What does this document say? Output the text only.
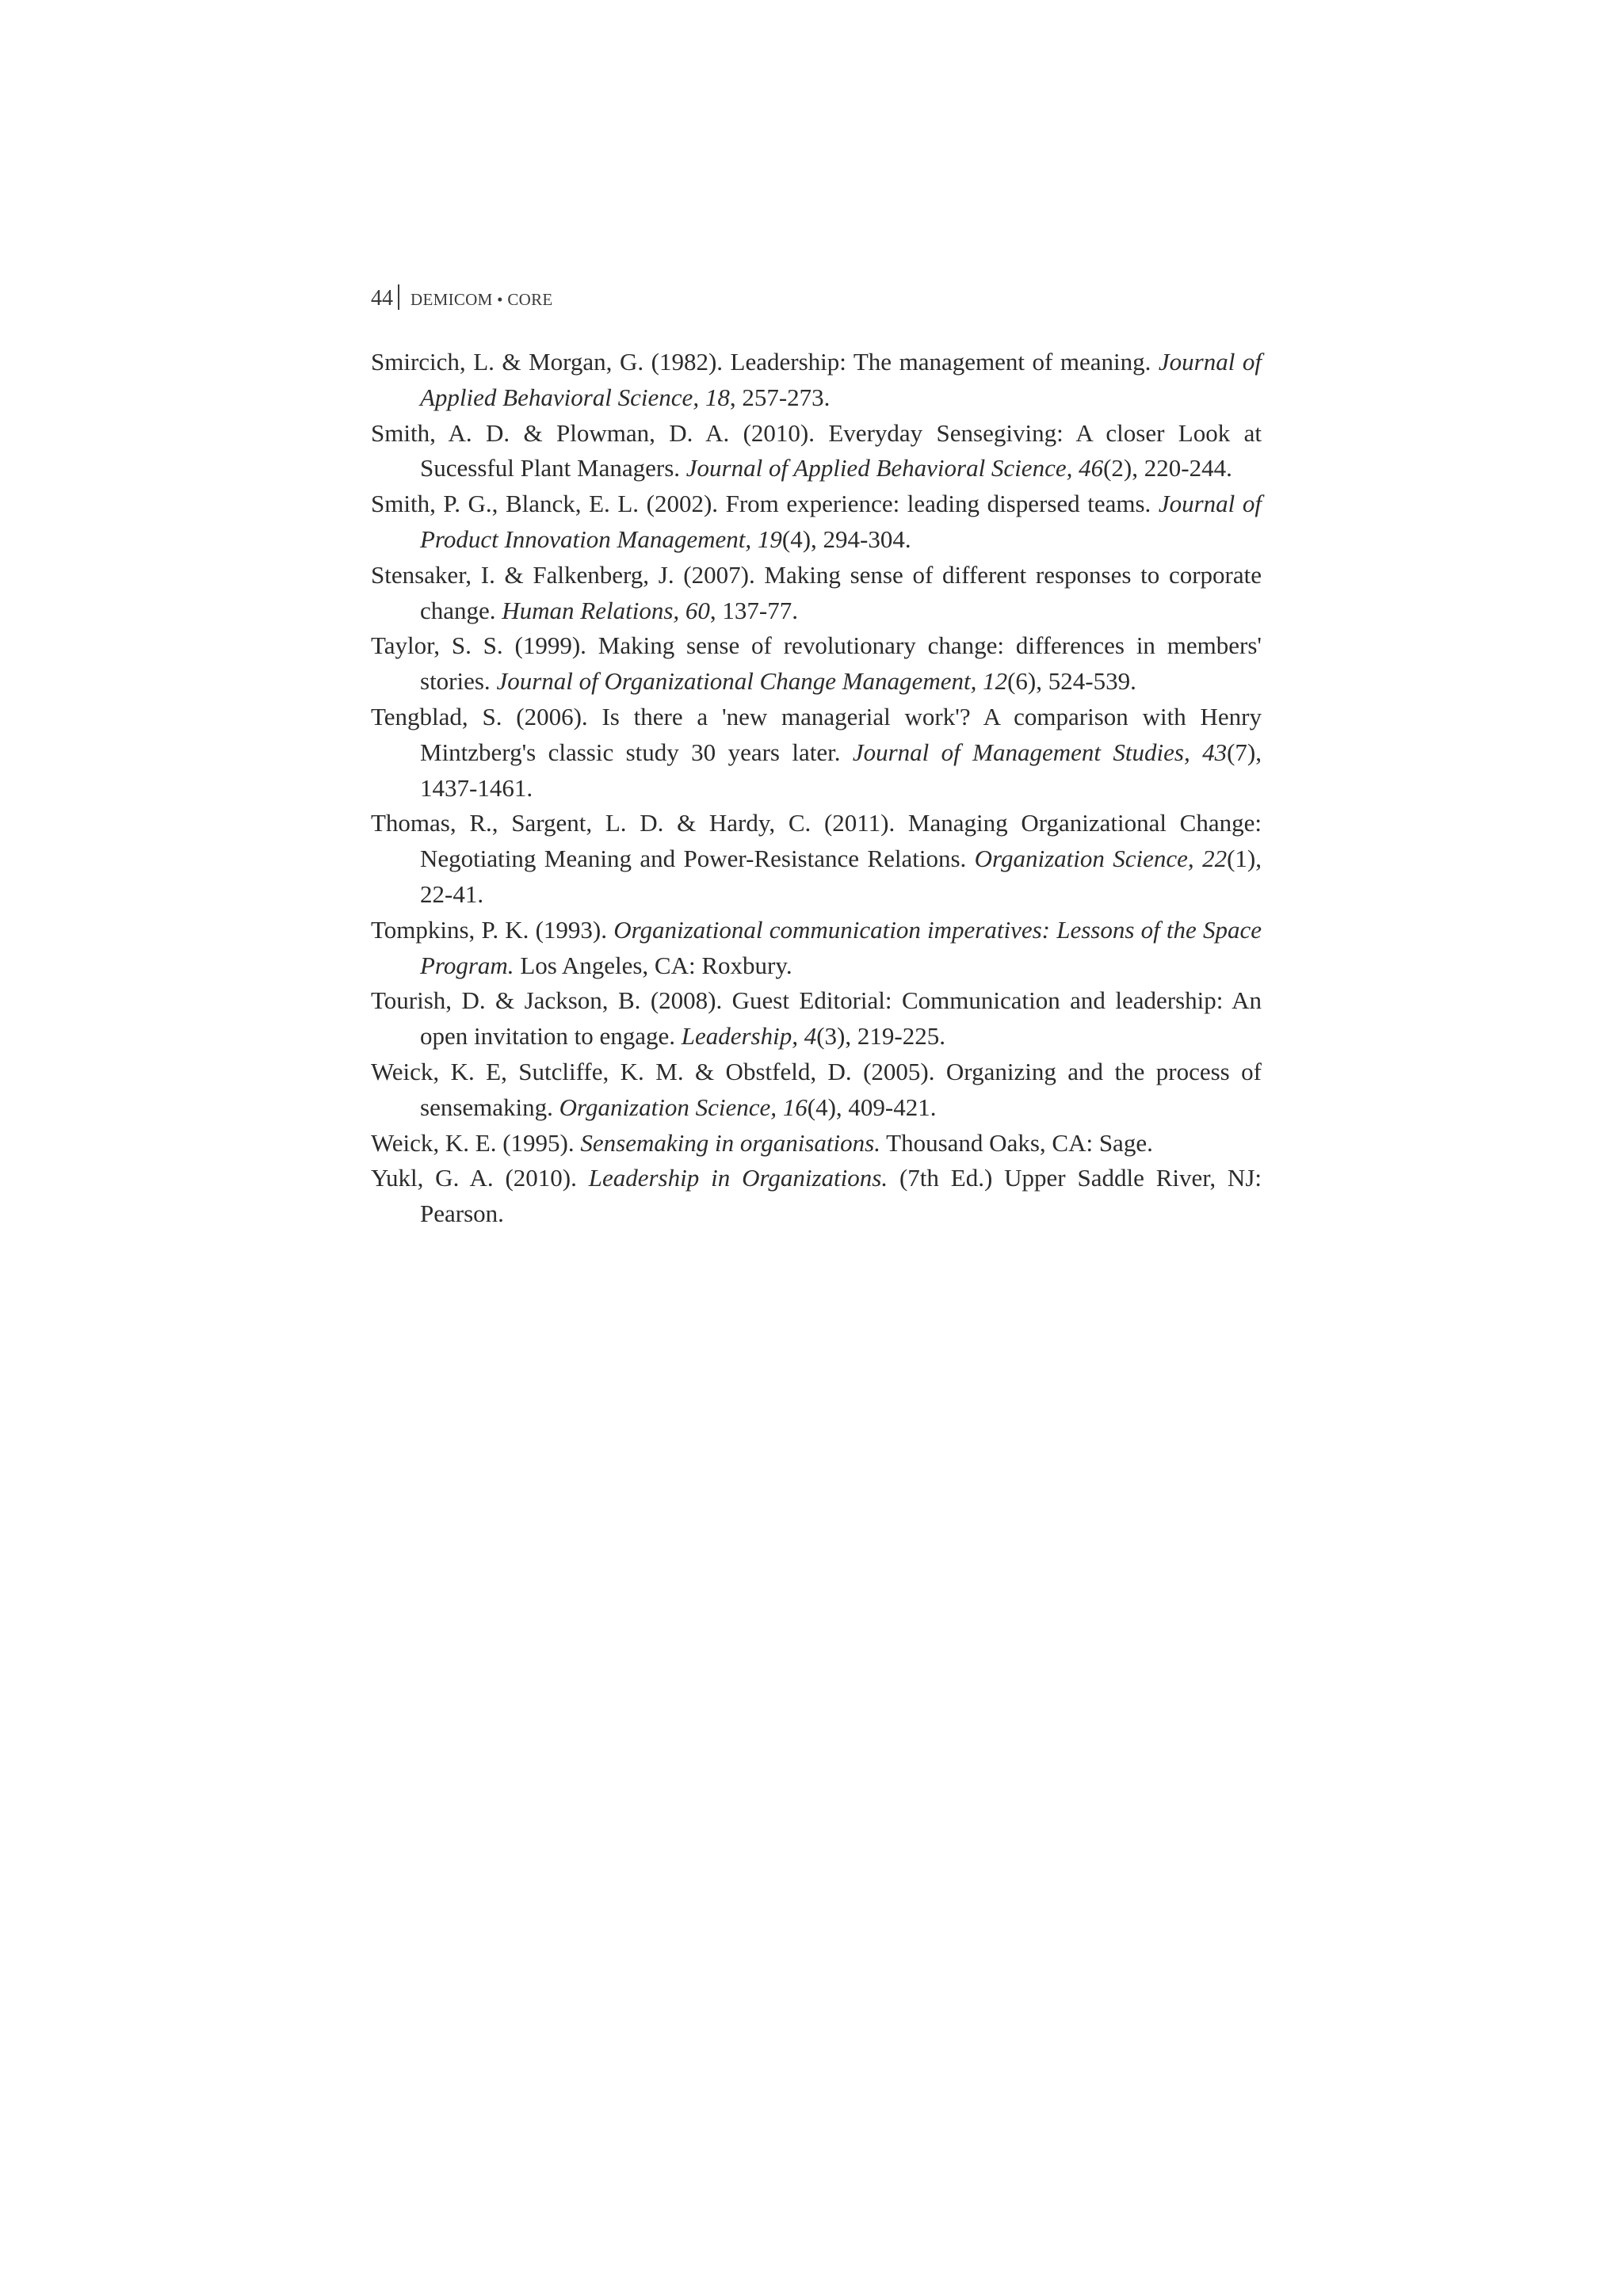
44 DEMICOM • CORE

Smircich, L. & Morgan, G. (1982). Leadership: The management of meaning. Journal of Applied Behavioral Science, 18, 257-273.

Smith, A. D. & Plowman, D. A. (2010). Everyday Sensegiving: A closer Look at Sucessful Plant Managers. Journal of Applied Behavioral Science, 46(2), 220-244.

Smith, P. G., Blanck, E. L. (2002). From experience: leading dispersed teams. Journal of Product Innovation Management, 19(4), 294-304.

Stensaker, I. & Falkenberg, J. (2007). Making sense of different responses to corporate change. Human Relations, 60, 137-77.

Taylor, S. S. (1999). Making sense of revolutionary change: differences in members' stories. Journal of Organizational Change Management, 12(6), 524-539.

Tengblad, S. (2006). Is there a 'new managerial work'? A comparison with Henry Mintzberg's classic study 30 years later. Journal of Management Studies, 43(7), 1437-1461.

Thomas, R., Sargent, L. D. & Hardy, C. (2011). Managing Organizational Change: Negotiating Meaning and Power-Resistance Relations. Organization Science, 22(1), 22-41.

Tompkins, P. K. (1993). Organizational communication imperatives: Lessons of the Space Program. Los Angeles, CA: Roxbury.

Tourish, D. & Jackson, B. (2008). Guest Editorial: Communication and leadership: An open invitation to engage. Leadership, 4(3), 219-225.

Weick, K. E, Sutcliffe, K. M. & Obstfeld, D. (2005). Organizing and the process of sensemaking. Organization Science, 16(4), 409-421.

Weick, K. E. (1995). Sensemaking in organisations. Thousand Oaks, CA: Sage.

Yukl, G. A. (2010). Leadership in Organizations. (7th Ed.) Upper Saddle River, NJ: Pearson.
